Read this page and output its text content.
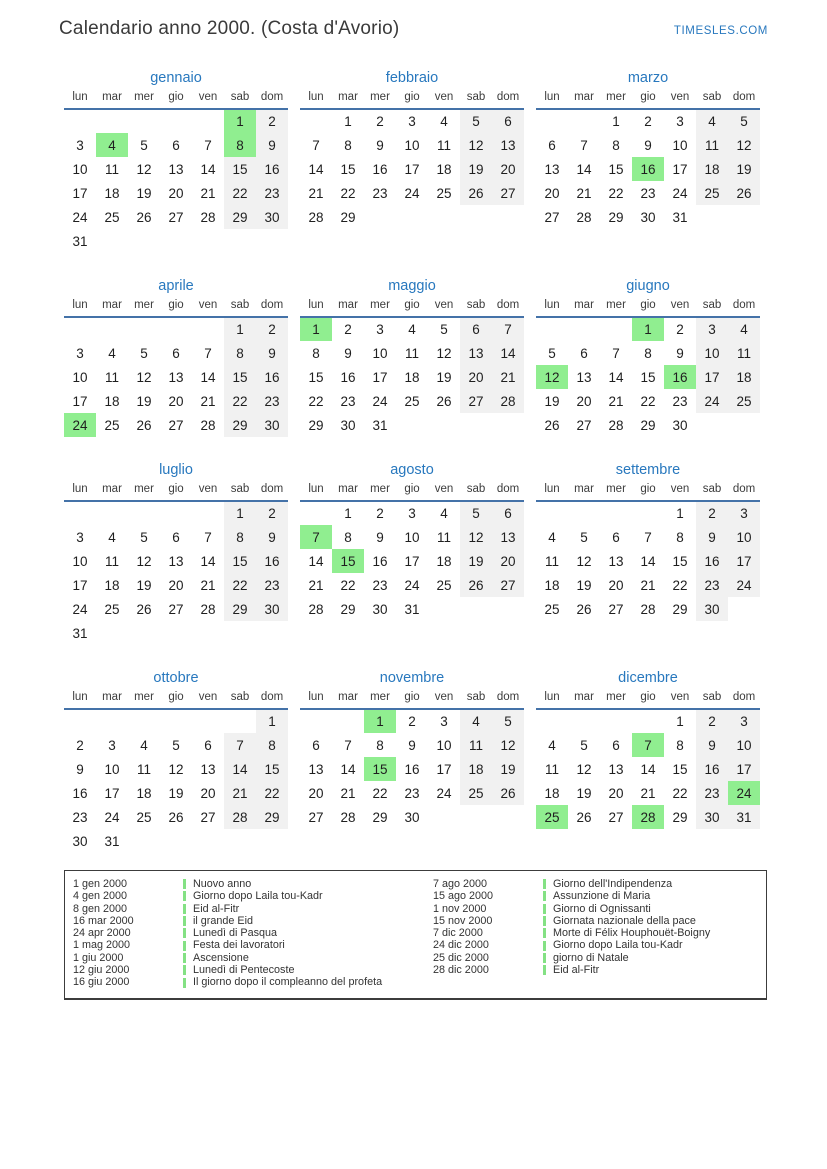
Calendario anno 2000. (Costa d'Avorio)	TIMESLES.COM
gennaio
lun	mar	mer	gio	ven	sab	dom
					1	2
3	4	5	6	7	8	9
10	11	12	13	14	15	16
17	18	19	20	21	22	23
24	25	26	27	28	29	30
31						
febbraio
lun	mar	mer	gio	ven	sab	dom
	1	2	3	4	5	6
7	8	9	10	11	12	13
14	15	16	17	18	19	20
21	22	23	24	25	26	27
28	29					
marzo
lun	mar	mer	gio	ven	sab	dom
		1	2	3	4	5
6	7	8	9	10	11	12
13	14	15	16	17	18	19
20	21	22	23	24	25	26
27	28	29	30	31		
aprile
lun	mar	mer	gio	ven	sab	dom
					1	2
3	4	5	6	7	8	9
10	11	12	13	14	15	16
17	18	19	20	21	22	23
24	25	26	27	28	29	30
maggio
lun	mar	mer	gio	ven	sab	dom
1	2	3	4	5	6	7
8	9	10	11	12	13	14
15	16	17	18	19	20	21
22	23	24	25	26	27	28
29	30	31				
giugno
lun	mar	mer	gio	ven	sab	dom
			1	2	3	4
5	6	7	8	9	10	11
12	13	14	15	16	17	18
19	20	21	22	23	24	25
26	27	28	29	30		
luglio
lun	mar	mer	gio	ven	sab	dom
					1	2
3	4	5	6	7	8	9
10	11	12	13	14	15	16
17	18	19	20	21	22	23
24	25	26	27	28	29	30
31						
agosto
lun	mar	mer	gio	ven	sab	dom
	1	2	3	4	5	6
7	8	9	10	11	12	13
14	15	16	17	18	19	20
21	22	23	24	25	26	27
28	29	30	31			
settembre
lun	mar	mer	gio	ven	sab	dom
				1	2	3
4	5	6	7	8	9	10
11	12	13	14	15	16	17
18	19	20	21	22	23	24
25	26	27	28	29	30	
ottobre
lun	mar	mer	gio	ven	sab	dom
						1
2	3	4	5	6	7	8
9	10	11	12	13	14	15
16	17	18	19	20	21	22
23	24	25	26	27	28	29
30	31					
novembre
lun	mar	mer	gio	ven	sab	dom
		1	2	3	4	5
6	7	8	9	10	11	12
13	14	15	16	17	18	19
20	21	22	23	24	25	26
27	28	29	30			
dicembre
lun	mar	mer	gio	ven	sab	dom
				1	2	3
4	5	6	7	8	9	10
11	12	13	14	15	16	17
18	19	20	21	22	23	24
25	26	27	28	29	30	31
1 gen 2000	Nuovo anno
4 gen 2000	Giorno dopo Laila tou-Kadr
8 gen 2000	Eid al-Fitr
16 mar 2000	il grande Eid
24 apr 2000	Lunedì di Pasqua
1 mag 2000	Festa dei lavoratori
1 giu 2000	Ascensione
12 giu 2000	Lunedì di Pentecoste
16 giu 2000	Il giorno dopo il compleanno del profeta
7 ago 2000	Giorno dell'Indipendenza
15 ago 2000	Assunzione di Maria
1 nov 2000	Giorno di Ognissanti
15 nov 2000	Giornata nazionale della pace
7 dic 2000	Morte di Félix Houphouët-Boigny
24 dic 2000	Giorno dopo Laila tou-Kadr
25 dic 2000	giorno di Natale
28 dic 2000	Eid al-Fitr
